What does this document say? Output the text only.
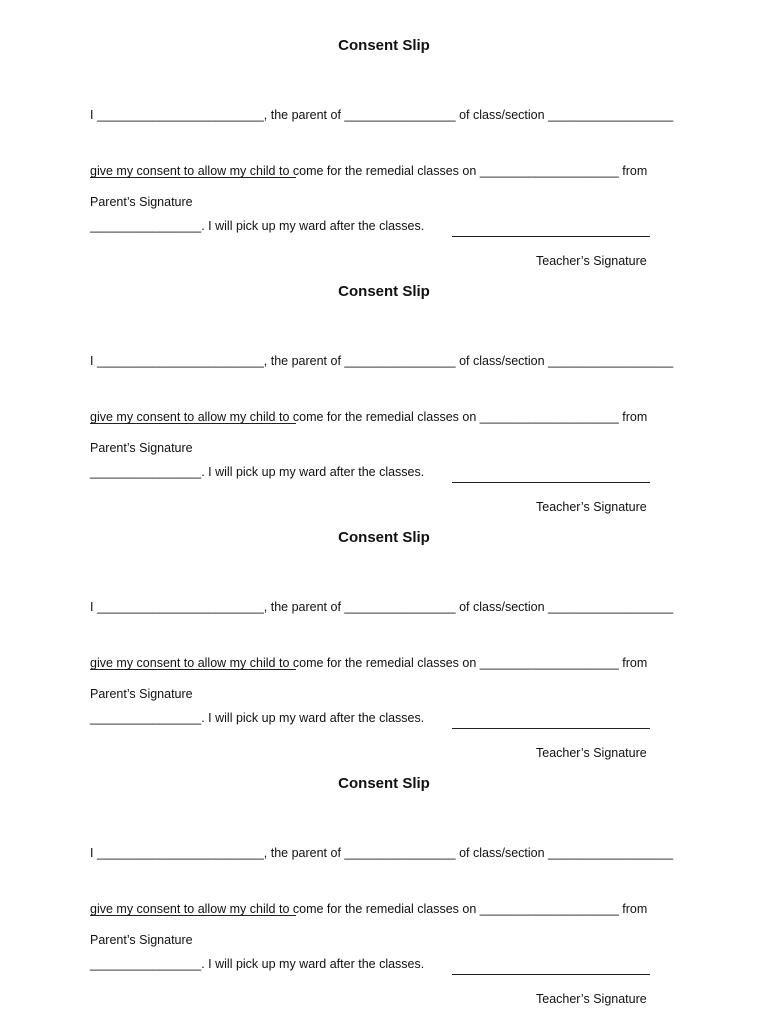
Consent Slip

I ________________________, the parent of ________________ of class/section __________________

give my consent to allow my child to come for the remedial classes on ____________________ from

________________. I will pick up my ward after the classes.

Parent’s Signature
Teacher’s Signature
Consent Slip

I ________________________, the parent of ________________ of class/section __________________

give my consent to allow my child to come for the remedial classes on ____________________ from

________________. I will pick up my ward after the classes.

Parent’s Signature
Teacher’s Signature
Consent Slip

I ________________________, the parent of ________________ of class/section __________________

give my consent to allow my child to come for the remedial classes on ____________________ from

________________. I will pick up my ward after the classes.

Parent’s Signature
Teacher’s Signature
Consent Slip

I ________________________, the parent of ________________ of class/section __________________

give my consent to allow my child to come for the remedial classes on ____________________ from

________________. I will pick up my ward after the classes.

Parent’s Signature
Teacher’s Signature
